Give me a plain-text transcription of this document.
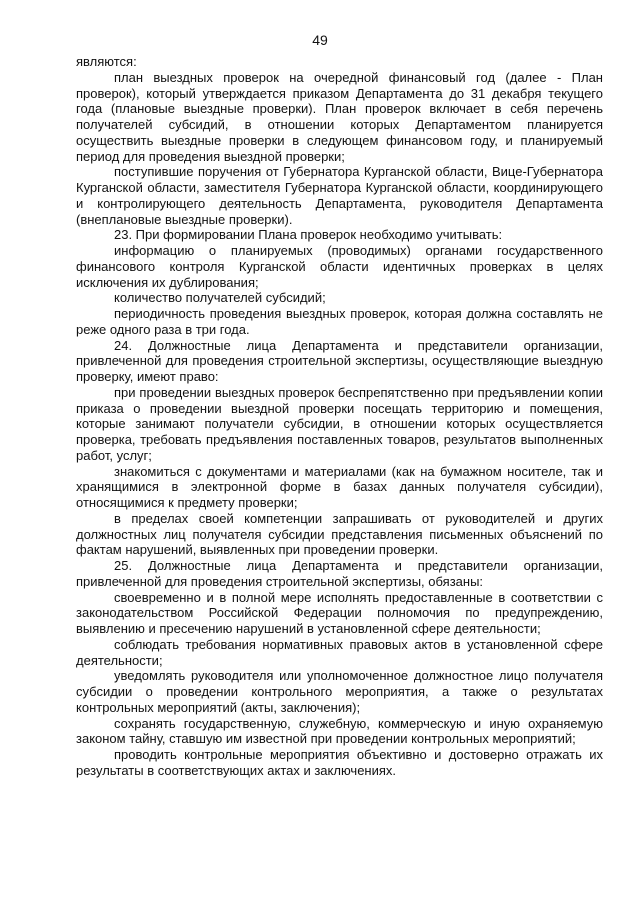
49

являются:

план выездных проверок на очередной финансовый год (далее - План проверок), который утверждается приказом Департамента до 31 декабря текущего года (плановые выездные проверки). План проверок включает в себя перечень получателей субсидий, в отношении которых Департаментом планируется осуществить выездные проверки в следующем финансовом году, и планируемый период для проведения выездной проверки;

поступившие поручения от Губернатора Курганской области, Вице-Губернатора Курганской области, заместителя Губернатора Курганской области, координирующего и контролирующего деятельность Департамента, руководителя Департамента (внеплановые выездные проверки).

23. При формировании Плана проверок необходимо учитывать:

информацию о планируемых (проводимых) органами государственного финансового контроля Курганской области идентичных проверках в целях исключения их дублирования;

количество получателей субсидий;

периодичность проведения выездных проверок, которая должна составлять не реже одного раза в три года.

24. Должностные лица Департамента и представители организации, привлеченной для проведения строительной экспертизы, осуществляющие выездную проверку, имеют право:

при проведении выездных проверок беспрепятственно при предъявлении копии приказа о проведении выездной проверки посещать территорию и помещения, которые занимают получатели субсидии, в отношении которых осуществляется проверка, требовать предъявления поставленных товаров, результатов выполненных работ, услуг;

знакомиться с документами и материалами (как на бумажном носителе, так и хранящимися в электронной форме в базах данных получателя субсидии), относящимися к предмету проверки;

в пределах своей компетенции запрашивать от руководителей и других должностных лиц получателя субсидии представления письменных объяснений по фактам нарушений, выявленных при проведении проверки.

25. Должностные лица Департамента и представители организации, привлеченной для проведения строительной экспертизы, обязаны:

своевременно и в полной мере исполнять предоставленные в соответствии с законодательством Российской Федерации полномочия по предупреждению, выявлению и пресечению нарушений в установленной сфере деятельности;

соблюдать требования нормативных правовых актов в установленной сфере деятельности;

уведомлять руководителя или уполномоченное должностное лицо получателя субсидии о проведении контрольного мероприятия, а также о результатах контрольных мероприятий (акты, заключения);

сохранять государственную, служебную, коммерческую и иную охраняемую законом тайну, ставшую им известной при проведении контрольных мероприятий;

проводить контрольные мероприятия объективно и достоверно отражать их результаты в соответствующих актах и заключениях.
